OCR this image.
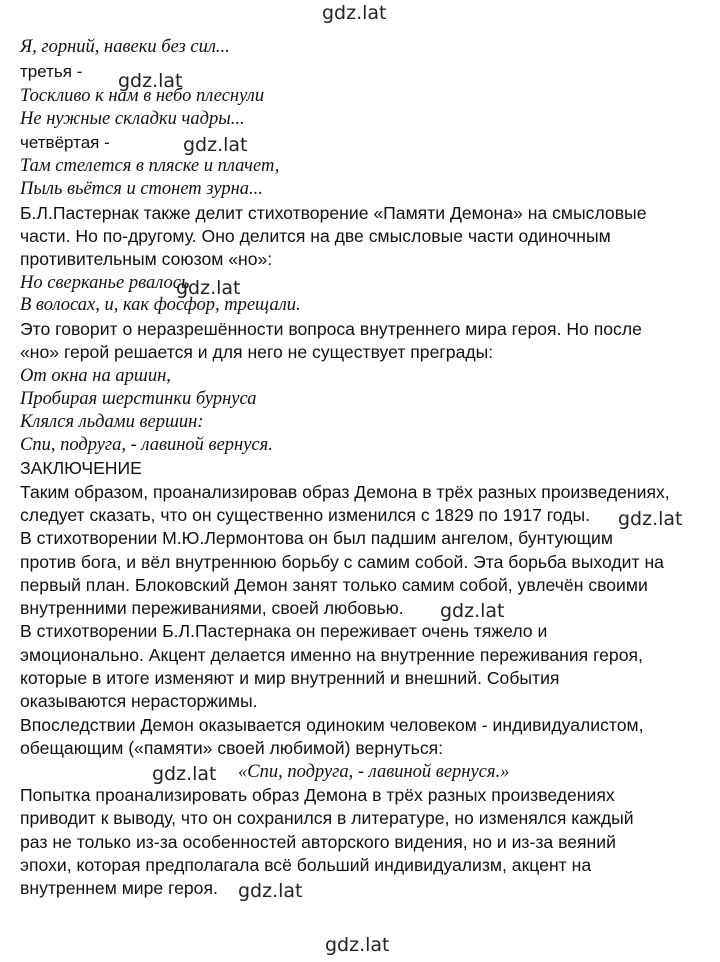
gdz.lat
gdz.lat
gdz.lat
gdz.lat
gdz.lat
gdz.lat
gdz.lat
gdz.lat
gdz.lat
Я, горний, навеки без сил...
третья -
Тоскливо к нам в небо плеснули
Не нужные складки чадры...
четвёртая -
Там стелется в пляске и плачет,
Пыль вьётся и стонет зурна...
Б.Л.Пастернак также делит стихотворение «Памяти Демона» на смысловые
части. Но по-другому. Оно делится на две смысловые части одиночным
противительным союзом «но»:
Но сверканье рвалось
В волосах, и, как фосфор, трещали.
Это говорит о неразрешённости вопроса внутреннего мира героя. Но после
«но» герой решается и для него не существует преграды:
От окна на аршин,
Пробирая шерстинки бурнуса
Клялся льдами вершин:
Спи, подруга, - лавиной вернуся.
ЗАКЛЮЧЕНИЕ
Таким образом, проанализировав образ Демона в трёх разных произведениях,
следует сказать, что он существенно изменился с 1829 по 1917 годы.
В стихотворении М.Ю.Лермонтова он был падшим ангелом, бунтующим
против бога, и вёл внутреннюю борьбу с самим собой. Эта борьба выходит на
первый план. Блоковский Демон занят только самим собой, увлечён своими
внутренними переживаниями, своей любовью.
В стихотворении Б.Л.Пастернака он переживает очень тяжело и
эмоционально. Акцент делается именно на внутренние переживания героя,
которые в итоге изменяют и мир внутренний и внешний. События
оказываются нерасторжимы.
Впоследствии Демон оказывается одиноким человеком - индивидуалистом,
обещающим («памяти» своей любимой) вернуться:
«Спи, подруга, - лавиной вернуся.»
Попытка проанализировать образ Демона в трёх разных произведениях
приводит к выводу, что он сохранился в литературе, но изменялся каждый
раз не только из-за особенностей авторского видения, но и из-за веяний
эпохи, которая предполагала всё больший индивидуализм, акцент на
внутреннем мире героя.
